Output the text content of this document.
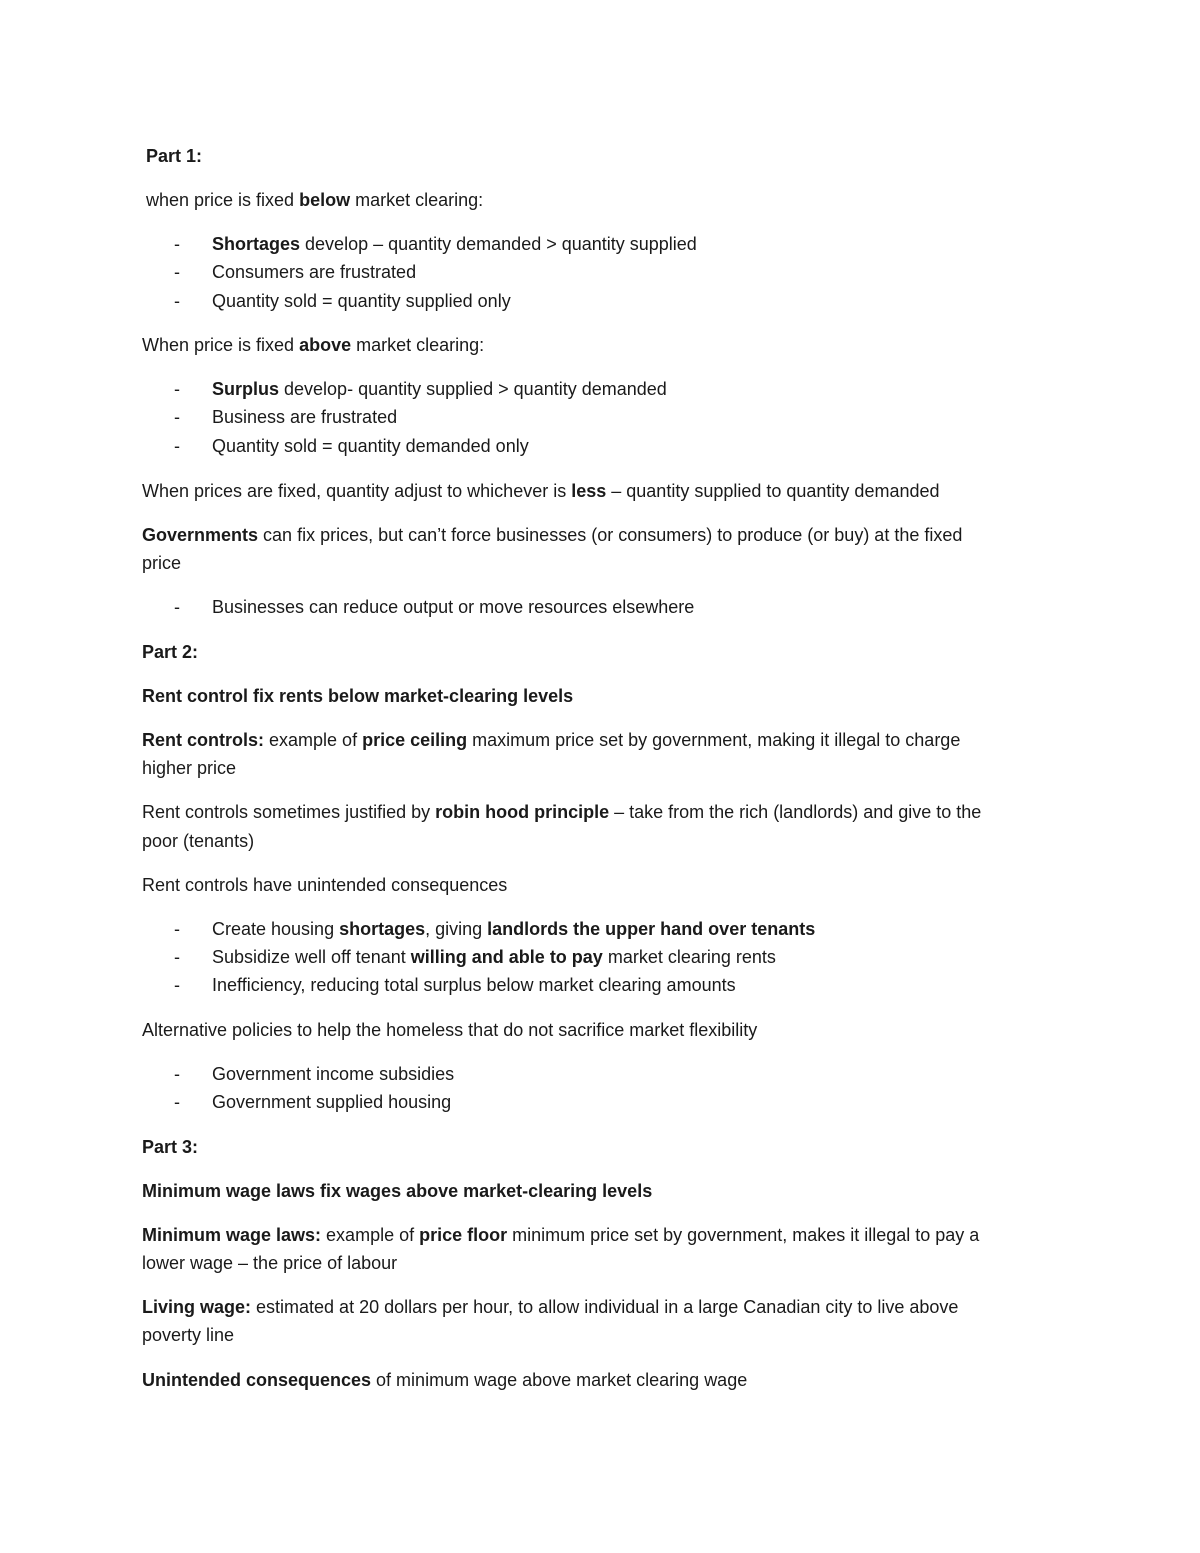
Part 1:
when price is fixed below market clearing:
- Shortages develop – quantity demanded > quantity supplied
- Consumers are frustrated
- Quantity sold = quantity supplied only
When price is fixed above market clearing:
- Surplus develop- quantity supplied > quantity demanded
- Business are frustrated
- Quantity sold = quantity demanded only
When prices are fixed, quantity adjust to whichever is less – quantity supplied to quantity demanded
Governments can fix prices, but can’t force businesses (or consumers) to produce (or buy) at the fixed
price
- Businesses can reduce output or move resources elsewhere
Part 2:
Rent control fix rents below market-clearing levels
Rent controls: example of price ceiling maximum price set by government, making it illegal to charge
higher price
Rent controls sometimes justified by robin hood principle – take from the rich (landlords) and give to the
poor (tenants)
Rent controls have unintended consequences
- Create housing shortages, giving landlords the upper hand over tenants
- Subsidize well off tenant willing and able to pay market clearing rents
- Inefficiency, reducing total surplus below market clearing amounts
Alternative policies to help the homeless that do not sacrifice market flexibility
- Government income subsidies
- Government supplied housing
Part 3:
Minimum wage laws fix wages above market-clearing levels
Minimum wage laws: example of price floor minimum price set by government, makes it illegal to pay a
lower wage – the price of labour
Living wage: estimated at 20 dollars per hour, to allow individual in a large Canadian city to live above
poverty line
Unintended consequences of minimum wage above market clearing wage
